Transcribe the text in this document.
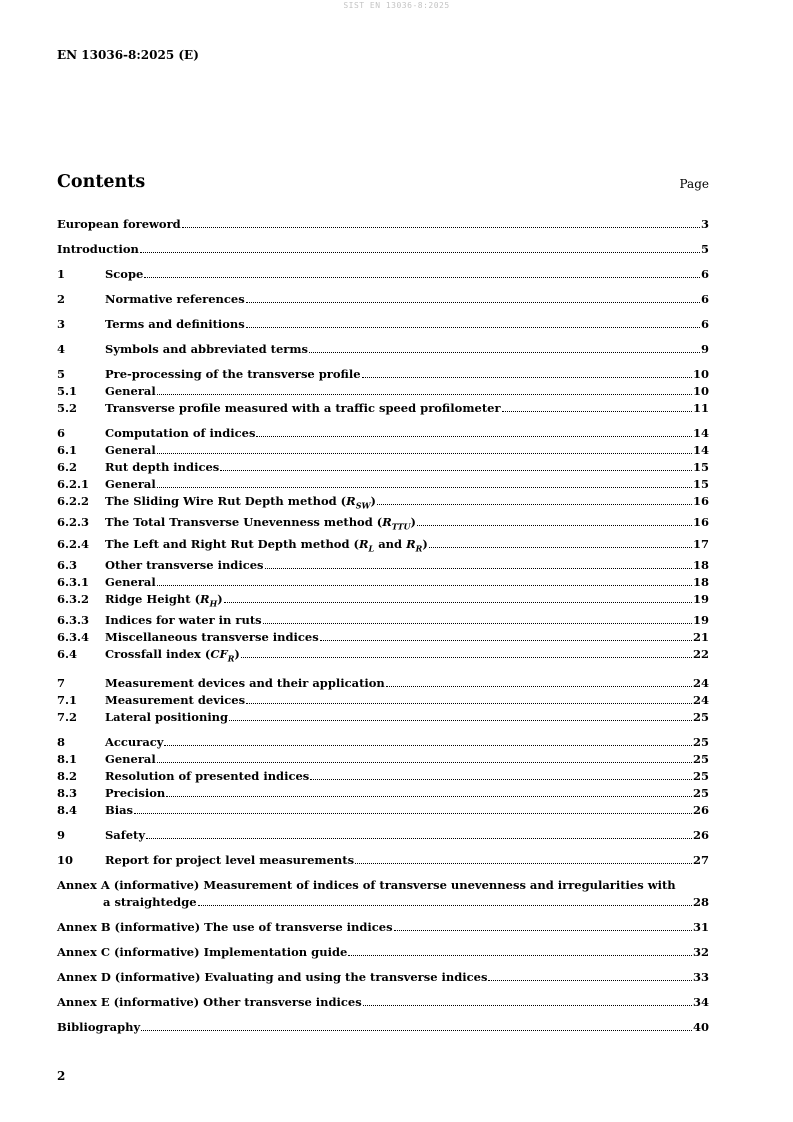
SIST EN 13036-8:2025
EN 13036-8:2025 (E)
Contents	Page
European foreword	3
Introduction	5
1	Scope	6
2	Normative references	6
3	Terms and definitions	6
4	Symbols and abbreviated terms	9
5	Pre-processing of the transverse profile	10
5.1	General	10
5.2	Transverse profile measured with a traffic speed profilometer	11
6	Computation of indices	14
6.1	General	14
6.2	Rut depth indices	15
6.2.1	General	15
6.2.2	The Sliding Wire Rut Depth method $(R_{SW})$	16
6.2.3	The Total Transverse Unevenness method $(R_{TTU})$	16
6.2.4	The Left and Right Rut Depth method ($R_L$ and $R_R$)	17
6.3	Other transverse indices	18
6.3.1	General	18
6.3.2	Ridge Height $(R_H)$	19
6.3.3	Indices for water in ruts	19
6.3.4	Miscellaneous transverse indices	21
6.4	Crossfall index $(CF_R)$	22
7	Measurement devices and their application	24
7.1	Measurement devices	24
7.2	Lateral positioning	25
8	Accuracy	25
8.1	General	25
8.2	Resolution of presented indices	25
8.3	Precision	25
8.4	Bias	26
9	Safety	26
10	Report for project level measurements	27
Annex A (informative) Measurement of indices of transverse unevenness and irregularities with
a straightedge	28
Annex B (informative) The use of transverse indices	31
Annex C (informative) Implementation guide	32
Annex D (informative) Evaluating and using the transverse indices	33
Annex E (informative) Other transverse indices	34
Bibliography	40
2
